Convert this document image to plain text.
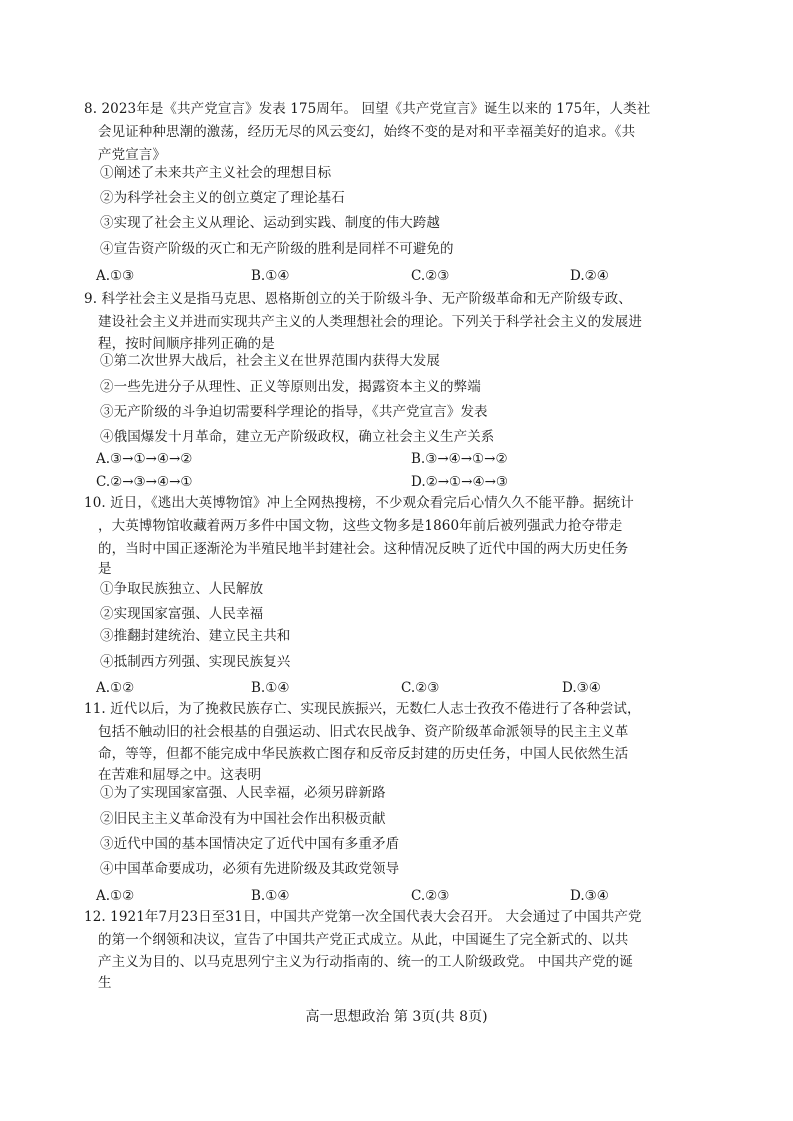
8. 2023年是《共产党宣言》发表 175周年。 回望《共产党宣言》诞生以来的 175年，人类社
会见证种种思潮的激荡，经历无尽的风云变幻，始终不变的是对和平幸福美好的追求。《共
产党宣言》
①阐述了未来共产主义社会的理想目标
②为科学社会主义的创立奠定了理论基石
③实现了社会主义从理论、运动到实践、制度的伟大跨越
④宣告资产阶级的灭亡和无产阶级的胜利是同样不可避免的
A.①③	B.①④	C.②③	D.②④
9. 科学社会主义是指马克思、恩格斯创立的关于阶级斗争、无产阶级革命和无产阶级专政、
建设社会主义并进而实现共产主义的人类理想社会的理论。下列关于科学社会主义的发展进
程，按时间顺序排列正确的是
①第二次世界大战后，社会主义在世界范围内获得大发展
②一些先进分子从理性、正义等原则出发，揭露资本主义的弊端
③无产阶级的斗争迫切需要科学理论的指导，《共产党宣言》发表
④俄国爆发十月革命，建立无产阶级政权，确立社会主义生产关系
A.③→①→④→②	B.③→④→①→②
C.②→③→④→①	D.②→①→④→③
10. 近日，《逃出大英博物馆》冲上全网热搜榜，不少观众看完后心情久久不能平静。据统计
，大英博物馆收藏着两万多件中国文物，这些文物多是1860年前后被列强武力抢夺带走
的，当时中国正逐渐沦为半殖民地半封建社会。这种情况反映了近代中国的两大历史任务
是
①争取民族独立、人民解放
②实现国家富强、人民幸福
③推翻封建统治、建立民主共和
④抵制西方列强、实现民族复兴
A.①②	B.①④	C.②③	D.③④
11. 近代以后，为了挽救民族存亡、实现民族振兴，无数仁人志士孜孜不倦进行了各种尝试，
包括不触动旧的社会根基的自强运动、旧式农民战争、资产阶级革命派领导的民主主义革
命，等等，但都不能完成中华民族救亡图存和反帝反封建的历史任务，中国人民依然生活
在苦难和屈辱之中。这表明
①为了实现国家富强、人民幸福，必须另辟新路
②旧民主主义革命没有为中国社会作出积极贡献
③近代中国的基本国情决定了近代中国有多重矛盾
④中国革命要成功，必须有先进阶级及其政党领导
A.①②	B.①④	C.②③	D.③④
12. 1921年7月23日至31日，中国共产党第一次全国代表大会召开。 大会通过了中国共产党
的第一个纲领和决议，宣告了中国共产党正式成立。从此，中国诞生了完全新式的、以共
产主义为目的、以马克思列宁主义为行动指南的、统一的工人阶级政党。 中国共产党的诞
生
高一思想政治 第 3页(共 8页)
